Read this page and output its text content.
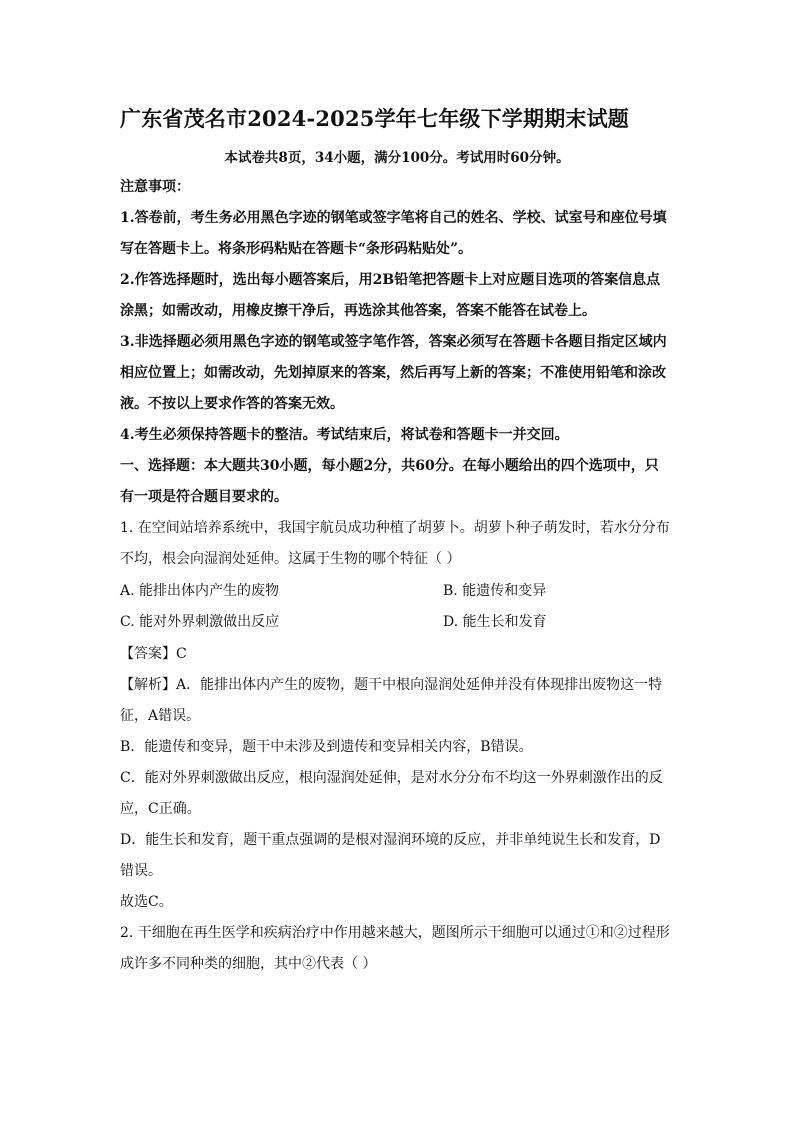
广东省茂名市2024-2025学年七年级下学期期末试题
本试卷共8页，34小题，满分100分。考试用时60分钟。
注意事项：
1.答卷前，考生务必用黑色字迹的钢笔或签字笔将自己的姓名、学校、试室号和座位号填
写在答题卡上。将条形码粘贴在答题卡“条形码粘贴处”。
2.作答选择题时，选出每小题答案后，用2B铅笔把答题卡上对应题目选项的答案信息点
涂黑；如需改动，用橡皮擦干净后，再选涂其他答案，答案不能答在试卷上。
3.非选择题必须用黑色字迹的钢笔或签字笔作答，答案必须写在答题卡各题目指定区域内
相应位置上；如需改动，先划掉原来的答案，然后再写上新的答案；不准使用铅笔和涂改
液。不按以上要求作答的答案无效。
4.考生必须保持答题卡的整洁。考试结束后，将试卷和答题卡一并交回。
一、选择题：本大题共30小题，每小题2分，共60分。在每小题给出的四个选项中，只
有一项是符合题目要求的。
1. 在空间站培养系统中，我国宇航员成功种植了胡萝卜。胡萝卜种子萌发时，若水分分布
不均，根会向湿润处延伸。这属于生物的哪个特征（ ）
A. 能排出体内产生的废物	B. 能遗传和变异
C. 能对外界刺激做出反应	D. 能生长和发育
【答案】C
【解析】A．能排出体内产生的废物，题干中根向湿润处延伸并没有体现排出废物这一特
征，A错误。
B．能遗传和变异，题干中未涉及到遗传和变异相关内容，B错误。
C．能对外界刺激做出反应，根向湿润处延伸，是对水分分布不均这一外界刺激作出的反
应，C正确。
D．能生长和发育，题干重点强调的是根对湿润环境的反应，并非单纯说生长和发育，D
错误。
故选C。
2. 干细胞在再生医学和疾病治疗中作用越来越大，题图所示干细胞可以通过①和②过程形
成许多不同种类的细胞，其中②代表（ ）
